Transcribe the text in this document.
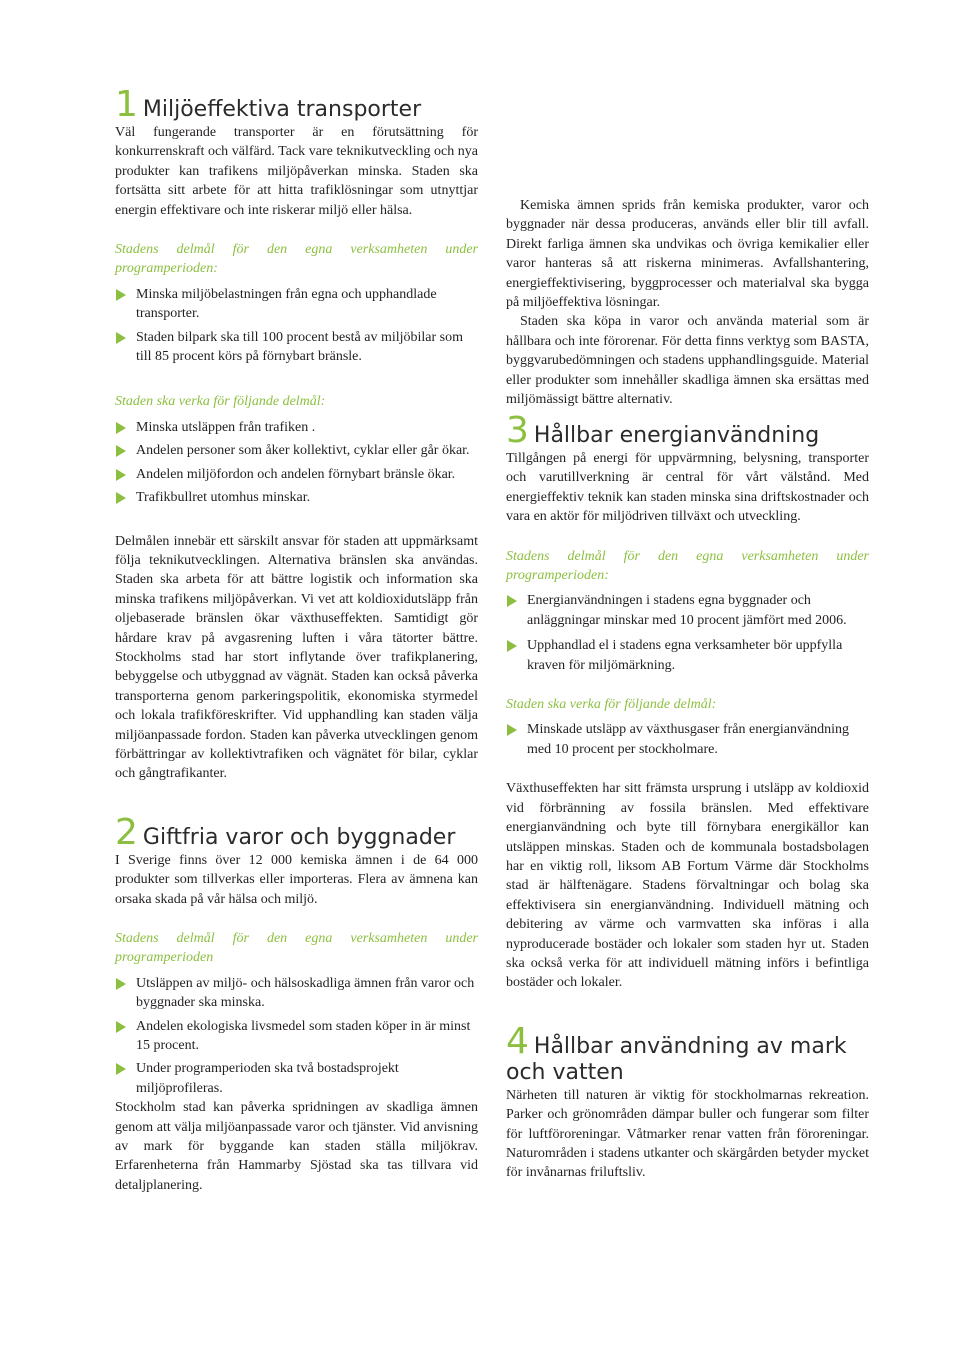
1 Miljöeffektiva transporter

Väl fungerande transporter är en förutsättning för konkurrenskraft och välfärd. Tack vare teknikutveckling och nya produkter kan trafikens miljöpåverkan minska. Staden ska fortsätta sitt arbete för att hitta trafiklösningar som utnyttjar energin effektivare och inte riskerar miljö eller hälsa.

Stadens delmål för den egna verksamheten under programperioden:

Minska miljöbelastningen från egna och upphandlade transporter.
Staden bilpark ska till 100 procent bestå av miljöbilar som till 85 procent körs på förnybart bränsle.

Staden ska verka för följande delmål:

Minska utsläppen från trafiken .
Andelen personer som åker kollektivt, cyklar eller går ökar.
Andelen miljöfordon och andelen förnybart bränsle ökar.
Trafikbullret utomhus minskar.

Delmålen innebär ett särskilt ansvar för staden att uppmärksamt följa teknikutvecklingen. Alternativa bränslen ska användas. Staden ska arbeta för att bättre logistik och information ska minska trafikens miljöpåverkan. Vi vet att koldioxidutsläpp från oljebaserade bränslen ökar växthuseffekten. Samtidigt gör hårdare krav på avgasrening luften i våra tätorter bättre. Stockholms stad har stort inflytande över trafikplanering, bebyggelse och utbyggnad av vägnät. Staden kan också påverka transporterna genom parkeringspolitik, ekonomiska styrmedel och lokala trafikföreskrifter. Vid upphandling kan staden välja miljöanpassade fordon. Staden kan påverka utvecklingen genom förbättringar av kollektivtrafiken och vägnätet för bilar, cyklar och gångtrafikanter.

2 Giftfria varor och byggnader

I Sverige finns över 12 000 kemiska ämnen i de 64 000 produkter som tillverkas eller importeras. Flera av ämnena kan orsaka skada på vår hälsa och miljö.

Stadens delmål för den egna verksamheten under programperioden

Utsläppen av miljö- och hälsoskadliga ämnen från varor och byggnader ska minska.
Andelen ekologiska livsmedel som staden köper in är minst 15 procent.
Under programperioden ska två bostadsprojekt miljöprofileras.

Stockholm stad kan påverka spridningen av skadliga ämnen genom att välja miljöanpassade varor och tjänster. Vid anvisning av mark för byggande kan staden ställa miljökrav. Erfarenheterna från Hammarby Sjöstad ska tas tillvara vid detaljplanering.

Kemiska ämnen sprids från kemiska produkter, varor och byggnader när dessa produceras, används eller blir till avfall. Direkt farliga ämnen ska undvikas och övriga kemikalier eller varor hanteras så att riskerna minimeras. Avfallshantering, energieffektivisering, byggprocesser och materialval ska bygga på miljöeffektiva lösningar.

Staden ska köpa in varor och använda material som är hållbara och inte förorenar. För detta finns verktyg som BASTA, byggvarubedömningen och stadens upphandlingsguide. Material eller produkter som innehåller skadliga ämnen ska ersättas med miljömässigt bättre alternativ.

3 Hållbar energianvändning

Tillgången på energi för uppvärmning, belysning, transporter och varutillverkning är central för vårt välstånd. Med energieffektiv teknik kan staden minska sina driftskostnader och vara en aktör för miljödriven tillväxt och utveckling.

Stadens delmål för den egna verksamheten under programperioden:

Energianvändningen i stadens egna byggnader och anläggningar minskar med 10 procent jämfört med 2006.
Upphandlad el i stadens egna verksamheter bör uppfylla kraven för miljömärkning.

Staden ska verka för följande delmål:

Minskade utsläpp av växthusgaser från energianvändning med 10 procent per stockholmare.

Växthuseffekten har sitt främsta ursprung i utsläpp av koldioxid vid förbränning av fossila bränslen. Med effektivare energianvändning och byte till förnybara energikällor kan utsläppen minskas. Staden och de kommunala bostadsbolagen har en viktig roll, liksom AB Fortum Värme där Stockholms stad är hälftenägare. Stadens förvaltningar och bolag ska effektivisera sin energianvändning. Individuell mätning och debitering av värme och varmvatten ska införas i alla nyproducerade bostäder och lokaler som staden hyr ut. Staden ska också verka för att individuell mätning införs i befintliga bostäder och lokaler.

4 Hållbar användning av mark och vatten

Närheten till naturen är viktig för stockholmarnas rekreation. Parker och grönområden dämpar buller och fungerar som filter för luftföroreningar. Våtmarker renar vatten från föroreningar. Naturområden i stadens utkanter och skärgården betyder mycket för invånarnas friluftsliv.
